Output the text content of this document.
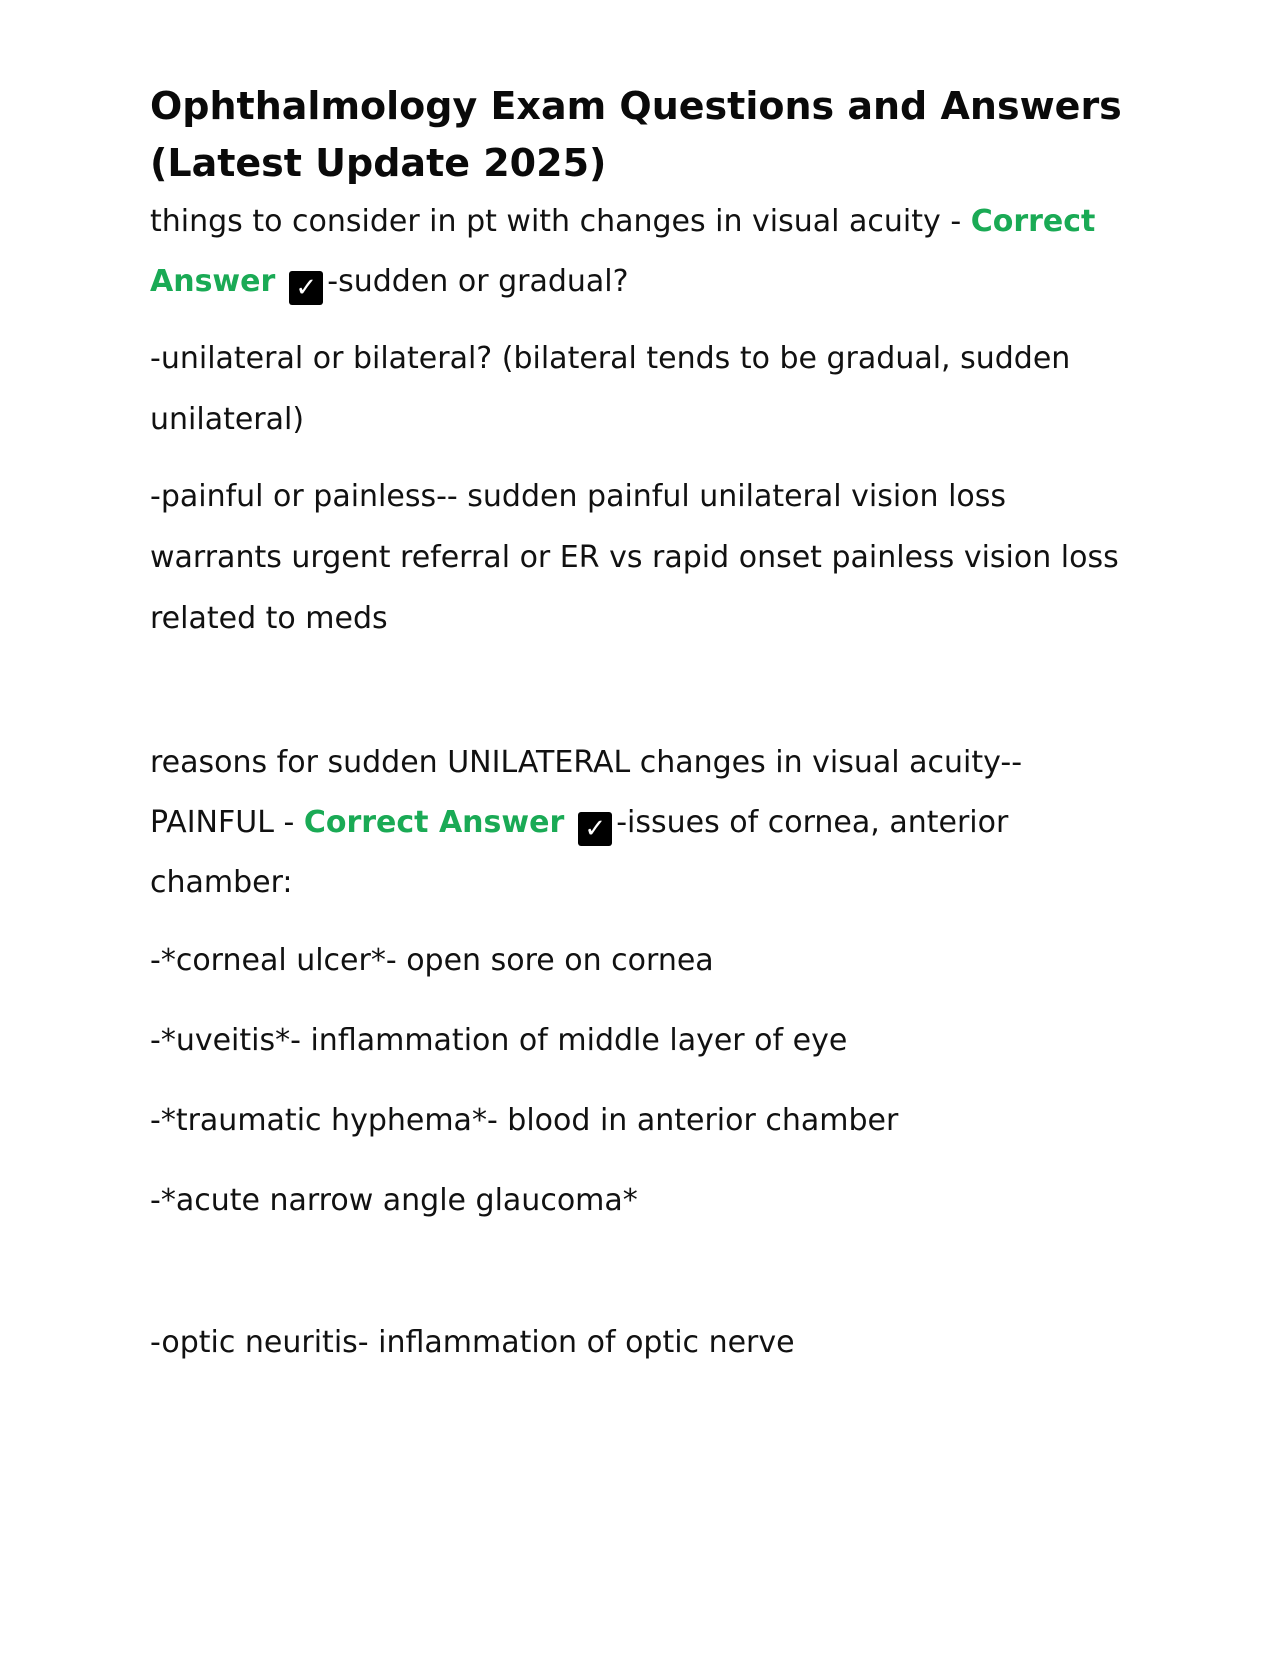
Ophthalmology Exam Questions and Answers (Latest Update 2025)

things to consider in pt with changes in visual acuity - Correct Answer ✓ -sudden or gradual?

-unilateral or bilateral? (bilateral tends to be gradual, sudden unilateral)

-painful or painless-- sudden painful unilateral vision loss warrants urgent referral or ER vs rapid onset painless vision loss related to meds

reasons for sudden UNILATERAL changes in visual acuity--PAINFUL - Correct Answer ✓ -issues of cornea, anterior chamber:

-*corneal ulcer*- open sore on cornea

-*uveitis*- inflammation of middle layer of eye

-*traumatic hyphema*- blood in anterior chamber

-*acute narrow angle glaucoma*

-optic neuritis- inflammation of optic nerve
